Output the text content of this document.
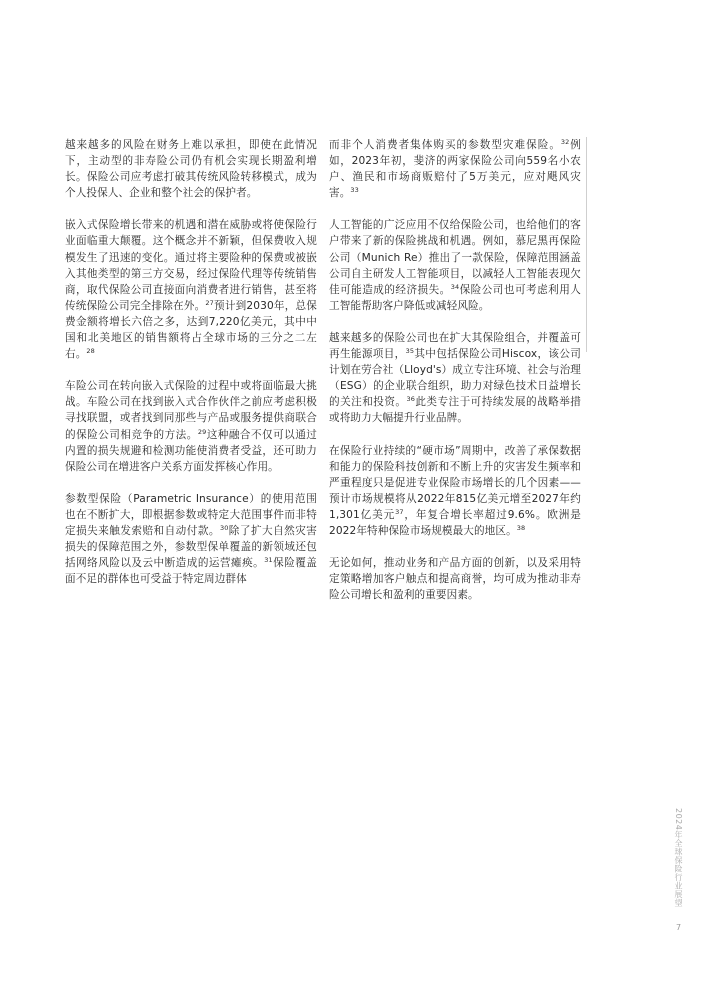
越来越多的风险在财务上难以承担，即使在此情况下，主动型的非寿险公司仍有机会实现长期盈利增长。保险公司应考虑打破其传统风险转移模式，成为个人投保人、企业和整个社会的保护者。

嵌入式保险增长带来的机遇和潜在威胁或将使保险行业面临重大颠覆。这个概念并不新颖，但保费收入规模发生了迅速的变化。通过将主要险种的保费或被嵌入其他类型的第三方交易，经过保险代理等传统销售商，取代保险公司直接面向消费者进行销售，甚至将传统保险公司完全排除在外。$^{27}$预计到2030年，总保费金额将增长六倍之多，达到7,220亿美元，其中中国和北美地区的销售额将占全球市场的三分之二左右。$^{28}$

车险公司在转向嵌入式保险的过程中或将面临最大挑战。车险公司在找到嵌入式合作伙伴之前应考虑积极寻找联盟，或者找到同那些与产品或服务提供商联合的保险公司相竞争的方法。$^{29}$这种融合不仅可以通过内置的损失规避和检测功能使消费者受益，还可助力保险公司在增进客户关系方面发挥核心作用。

参数型保险（Parametric Insurance）的使用范围也在不断扩大，即根据参数或特定大范围事件而非特定损失来触发索赔和自动付款。$^{30}$除了扩大自然灾害损失的保障范围之外，参数型保单覆盖的新领域还包括网络风险以及云中断造成的运营瘫痪。$^{31}$保险覆盖面不足的群体也可受益于特定周边群体

而非个人消费者集体购买的参数型灾难保险。$^{32}$例如，2023年初，斐济的两家保险公司向559名小农户、渔民和市场商贩赔付了5万美元，应对飓风灾害。$^{33}$

人工智能的广泛应用不仅给保险公司，也给他们的客户带来了新的保险挑战和机遇。例如，慕尼黑再保险公司（Munich Re）推出了一款保险，保障范围涵盖公司自主研发人工智能项目，以减轻人工智能表现欠佳可能造成的经济损失。$^{34}$保险公司也可考虑利用人工智能帮助客户降低或减轻风险。

越来越多的保险公司也在扩大其保险组合，并覆盖可再生能源项目，$^{35}$其中包括保险公司Hiscox，该公司计划在劳合社（Lloyd's）成立专注环境、社会与治理（ESG）的企业联合组织，助力对绿色技术日益增长的关注和投资。$^{36}$此类专注于可持续发展的战略举措或将助力大幅提升行业品牌。

在保险行业持续的“硬市场”周期中，改善了承保数据和能力的保险科技创新和不断上升的灾害发生频率和严重程度只是促进专业保险市场增长的几个因素——预计市场规模将从2022年815亿美元增至2027年约1,301亿美元$^{37}$，年复合增长率超过9.6%。欧洲是2022年特种保险市场规模最大的地区。$^{38}$

无论如何，推动业务和产品方面的创新，以及采用特定策略增加客户触点和提高商誉，均可成为推动非寿险公司增长和盈利的重要因素。

2024年全球保险行业展望
7
